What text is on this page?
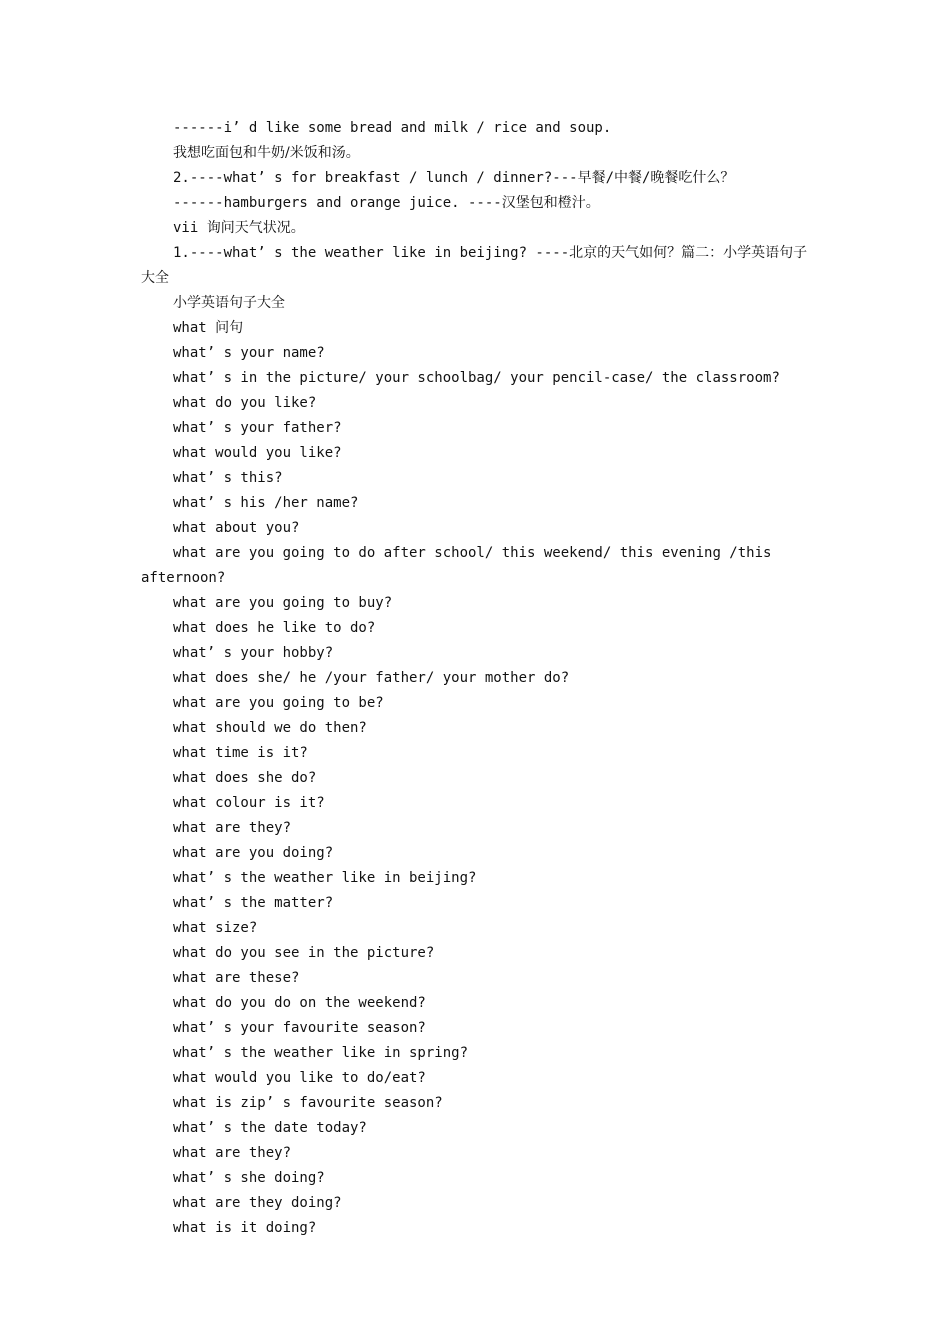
------i’ d like some bread and milk / rice and soup.
我想吃面包和牛奶/米饭和汤。
2.----what’ s for breakfast / lunch / dinner?---早餐/中餐/晚餐吃什么？
------hamburgers and orange juice. ----汉堡包和橙汁。
vii 询问天气状况。
1.----what’ s the weather like in beijing? ----北京的天气如何？篇二：小学英语句子大全
小学英语句子大全
what 问句
what’ s your name?
what’ s in the picture/ your schoolbag/ your pencil-case/ the classroom?
what do you like?
what’ s your father?
what would you like?
what’ s this?
what’ s his /her name?
what about you?
what are you going to do after school/ this weekend/ this evening /this afternoon?
what are you going to buy?
what does he like to do?
what’ s your hobby?
what does she/ he /your father/ your mother do?
what are you going to be?
what should we do then?
what time is it?
what does she do?
what colour is it?
what are they?
what are you doing?
what’ s the weather like in beijing?
what’ s the matter?
what size?
what do you see in the picture?
what are these?
what do you do on the weekend?
what’ s your favourite season?
what’ s the weather like in spring?
what would you like to do/eat?
what is zip’ s favourite season?
what’ s the date today?
what are they?
what’ s she doing?
what are they doing?
what is it doing?
